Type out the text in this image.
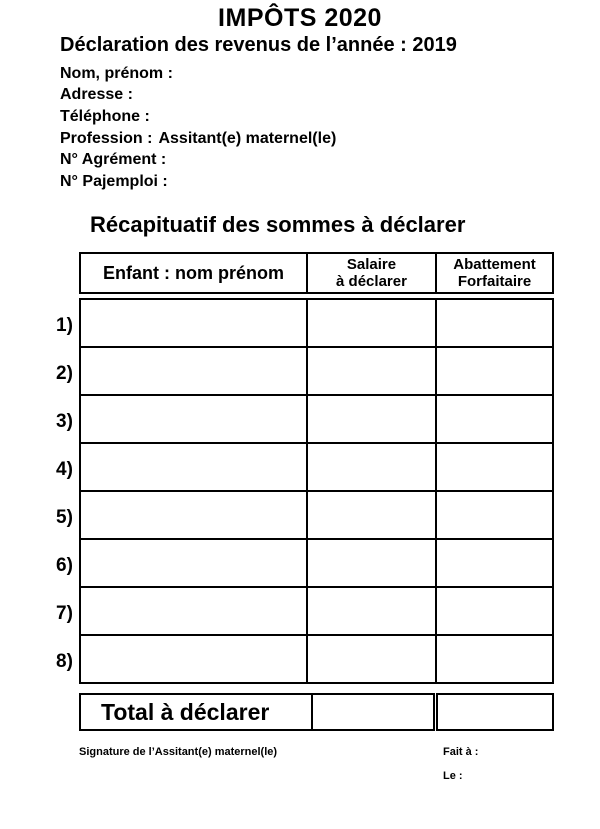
IMPÔTS 2020
Déclaration des revenus de l’année : 2019
Nom, prénom :
Adresse :
Téléphone :
Profession : Assitant(e) maternel(le)
N° Agrément :
N° Pajemploi :
Récapituatif des sommes à déclarer
Enfant : nom prénom	Salaire
à déclarer
Abattement
Forfaitaire
1)
2)
3)
4)
5)
6)
7)
8)
Total à déclarer
Signature de l’Assitant(e) maternel(le)	Fait à :
Le :
